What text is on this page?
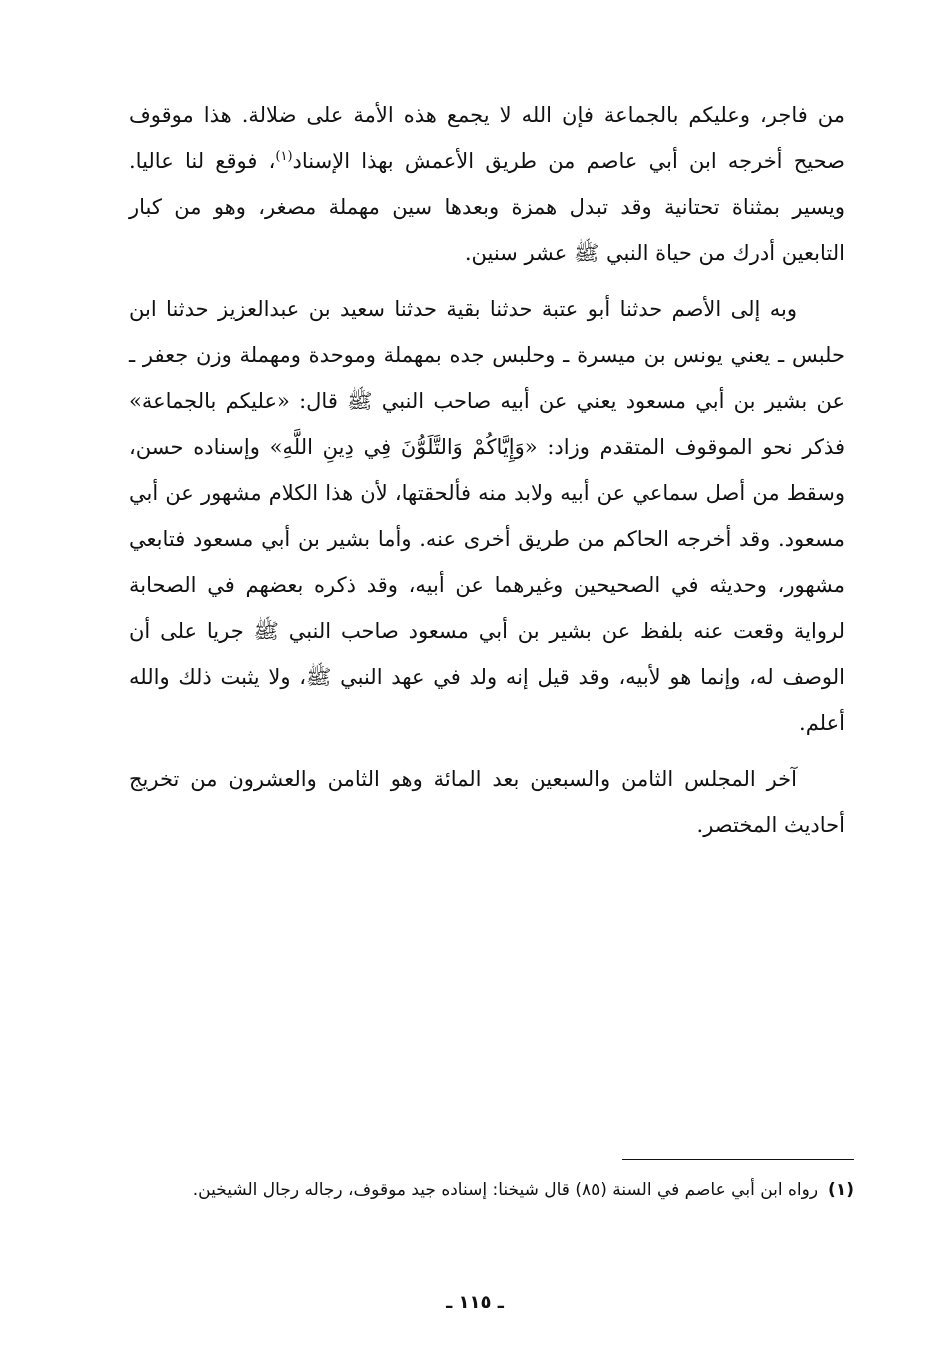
من فاجر، وعليكم بالجماعة فإن الله لا يجمع هذه الأمة على ضلالة. هذا موقوف صحيح أخرجه ابن أبي عاصم من طريق الأعمش بهذا الإسناد$^{(١)}$، فوقع لنا عاليا. ويسير بمثناة تحتانية وقد تبدل همزة وبعدها سين مهملة مصغر، وهو من كبار التابعين أدرك من حياة النبي ﷺ عشر سنين.

وبه إلى الأصم حدثنا أبو عتبة حدثنا بقية حدثنا سعيد بن عبدالعزيز حدثنا ابن حلبس ـ يعني يونس بن ميسرة ـ وحلبس جده بمهملة وموحدة ومهملة وزن جعفر ـ عن بشير بن أبي مسعود يعني عن أبيه صاحب النبي ﷺ قال: «عليكم بالجماعة» فذكر نحو الموقوف المتقدم وزاد: «وَإِيَّاكُمْ وَالتَّلَوُّنَ فِي دِينِ اللَّهِ» وإسناده حسن، وسقط من أصل سماعي عن أبيه ولابد منه فألحقتها، لأن هذا الكلام مشهور عن أبي مسعود. وقد أخرجه الحاكم من طريق أخرى عنه. وأما بشير بن أبي مسعود فتابعي مشهور، وحديثه في الصحيحين وغيرهما عن أبيه، وقد ذكره بعضهم في الصحابة لرواية وقعت عنه بلفظ عن بشير بن أبي مسعود صاحب النبي ﷺ جريا على أن الوصف له، وإنما هو لأبيه، وقد قيل إنه ولد في عهد النبي ﷺ، ولا يثبت ذلك والله أعلم.

آخر المجلس الثامن والسبعين بعد المائة وهو الثامن والعشرون من تخريج أحاديث المختصر.

(١)رواه ابن أبي عاصم في السنة (٨٥) قال شيخنا: إسناده جيد موقوف، رجاله رجال الشيخين.
ـ ١١٥ ـ
